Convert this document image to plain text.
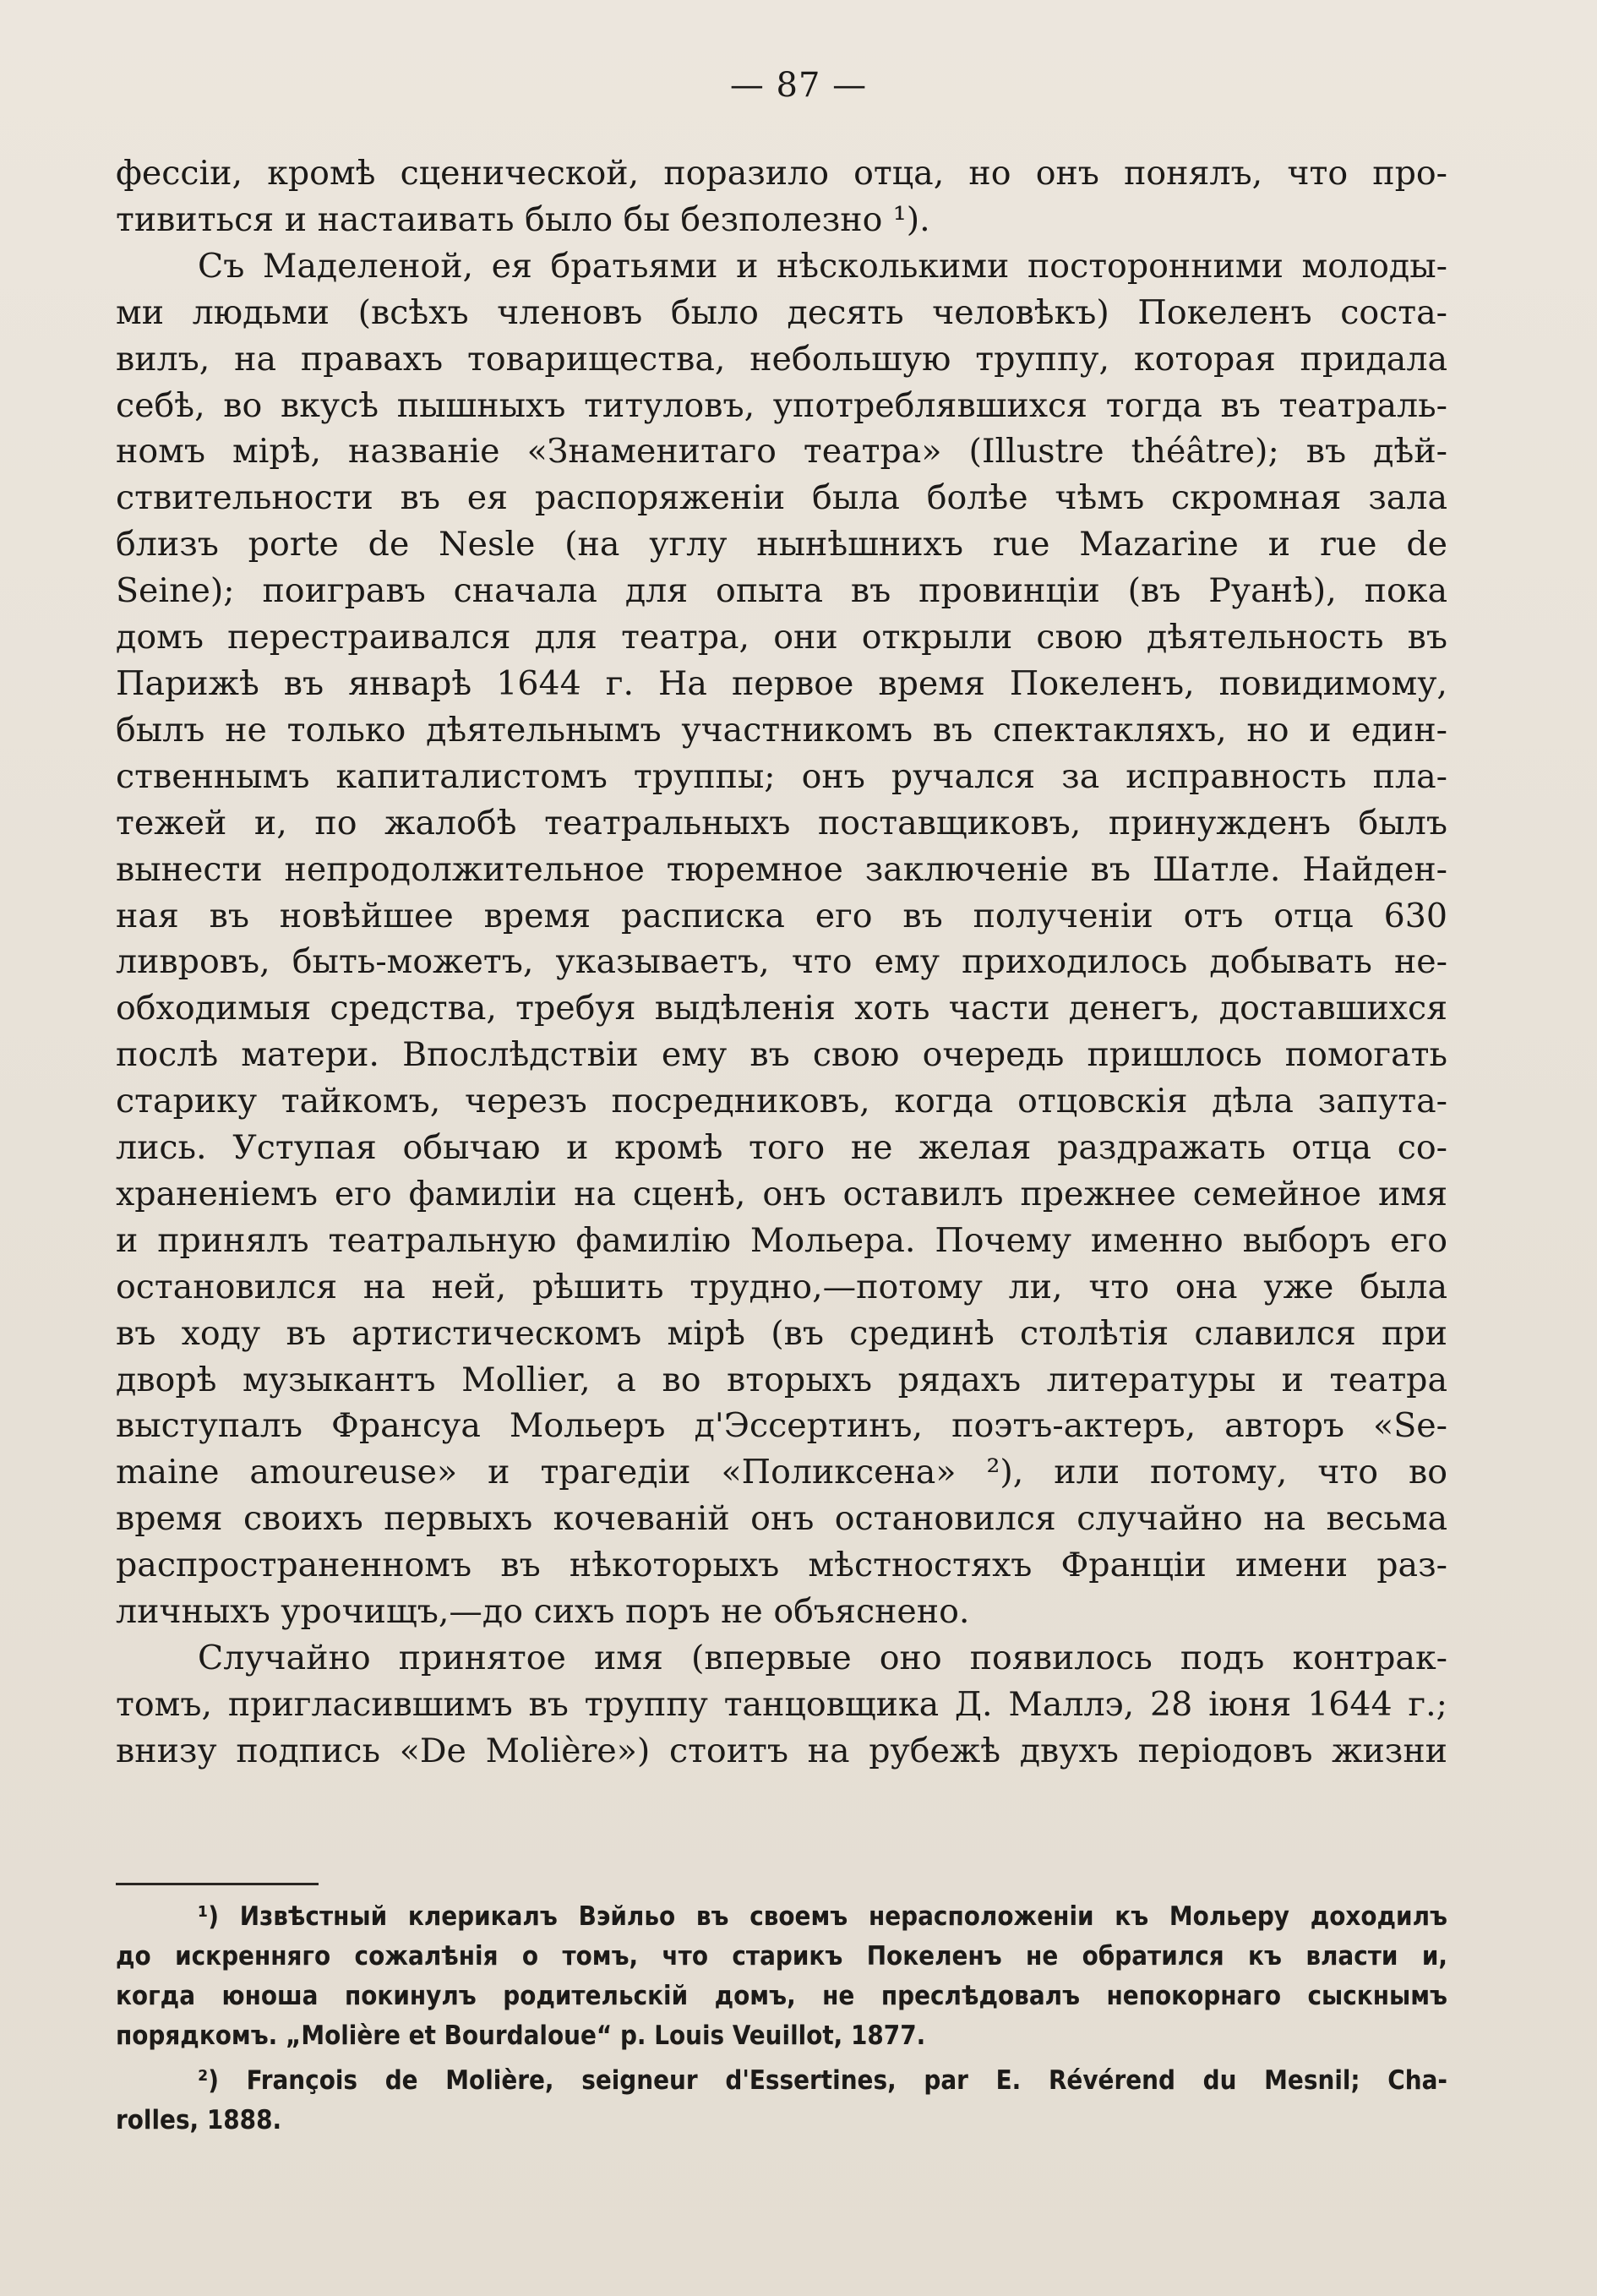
— 87 —

фессіи, кромѣ сценической, поразило отца, но онъ понялъ, что про-
тивиться и настаивать было бы безполезно ¹).

Съ Маделеной, ея братьями и нѣсколькими посторонними молоды-
ми людьми (всѣхъ членовъ было десять человѣкъ) Покеленъ соста-
вилъ, на правахъ товарищества, небольшую труппу, которая придала
себѣ, во вкусѣ пышныхъ титуловъ, употреблявшихся тогда въ театраль-
номъ мірѣ, названіе «Знаменитаго театра» (Illustre théâtre); въ дѣй-
ствительности въ ея распоряженіи была болѣе чѣмъ скромная зала
близъ porte de Nesle (на углу нынѣшнихъ rue Mazarine и rue de
Seine); поигравъ сначала для опыта въ провинціи (въ Руанѣ), пока
домъ перестраивался для театра, они открыли свою дѣятельность въ
Парижѣ въ январѣ 1644 г. На первое время Покеленъ, повидимому,
былъ не только дѣятельнымъ участникомъ въ спектакляхъ, но и един-
ственнымъ капиталистомъ труппы; онъ ручался за исправность пла-
тежей и, по жалобѣ театральныхъ поставщиковъ, принужденъ былъ
вынести непродолжительное тюремное заключеніе въ Шатле. Найден-
ная въ новѣйшее время расписка его въ полученіи отъ отца 630
ливровъ, быть-можетъ, указываетъ, что ему приходилось добывать не-
обходимыя средства, требуя выдѣленія хоть части денегъ, доставшихся
послѣ матери. Впослѣдствіи ему въ свою очередь пришлось помогать
старику тайкомъ, черезъ посредниковъ, когда отцовскія дѣла запута-
лись. Уступая обычаю и кромѣ того не желая раздражать отца со-
храненіемъ его фамиліи на сценѣ, онъ оставилъ прежнее семейное имя
и принялъ театральную фамилію Мольера. Почему именно выборъ его
остановился на ней, рѣшить трудно,—потому ли, что она уже была
въ ходу въ артистическомъ мірѣ (въ срединѣ столѣтія славился при
дворѣ музыкантъ Mollier, а во вторыхъ рядахъ литературы и театра
выступалъ Франсуа Мольеръ д'Эссертинъ, поэтъ-актеръ, авторъ «Se-
maine amoureuse» и трагедіи «Поликсена» ²), или потому, что во
время своихъ первыхъ кочеваній онъ остановился случайно на весьма
распространенномъ въ нѣкоторыхъ мѣстностяхъ Франціи имени раз-
личныхъ урочищъ,—до сихъ поръ не объяснено.

Случайно принятое имя (впервые оно появилось подъ контрак-
томъ, пригласившимъ въ труппу танцовщика Д. Маллэ, 28 іюня 1644 г.;
внизу подпись «De Molière») стоитъ на рубежѣ двухъ періодовъ жизни

¹) Извѣстный клерикалъ Вэйльо въ своемъ нерасположеніи къ Мольеру доходилъ
до искренняго сожалѣнія о томъ, что старикъ Покеленъ не обратился къ власти и,
когда юноша покинулъ родительскій домъ, не преслѣдовалъ непокорнаго сыскнымъ
порядкомъ. „Molière et Bourdaloue“ p. Louis Veuillot, 1877.

²) François de Molière, seigneur d'Essertines, par E. Révérend du Mesnil; Cha-
rolles, 1888.
